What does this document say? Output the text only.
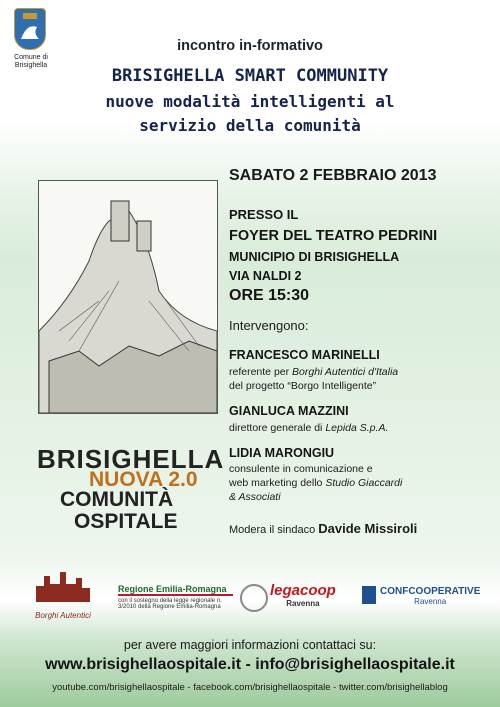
Comune di Brisighella
incontro in-formativo
BRISIGHELLA SMART COMMUNITY
nuove modalità intelligenti al
servizio della comunità
BRISIGHELLA
NUOVA 2.0
COMUNITÀ
OSPITALE
SABATO 2 FEBBRAIO 2013
PRESSO IL
FOYER DEL TEATRO PEDRINI
MUNICIPIO DI BRISIGHELLA
VIA NALDI 2
ORE 15:30
Intervengono:
FRANCESCO MARINELLI
referente per Borghi Autentici d'Italia
del progetto “Borgo Intelligente”
GIANLUCA MAZZINI
direttore generale di Lepida S.p.A.
LIDIA MARONGIU
consulente in comunicazione e
web marketing dello Studio Giaccardi
& Associati
Modera il sindaco Davide Missiroli
Borghi Autentici
Regione Emilia-Romagna
con il sostegno della legge regionale n.
3/2010 della Regione Emilia-Romagna
legacoop
Ravenna
CONFCOOPERATIVE
Ravenna
per avere maggiori informazioni contattaci su:
www.brisighellaospitale.it - info@brisighellaospitale.it
youtube.com/brisighellaospitale - facebook.com/brisighellaospitale - twitter.com/brisighellablog
